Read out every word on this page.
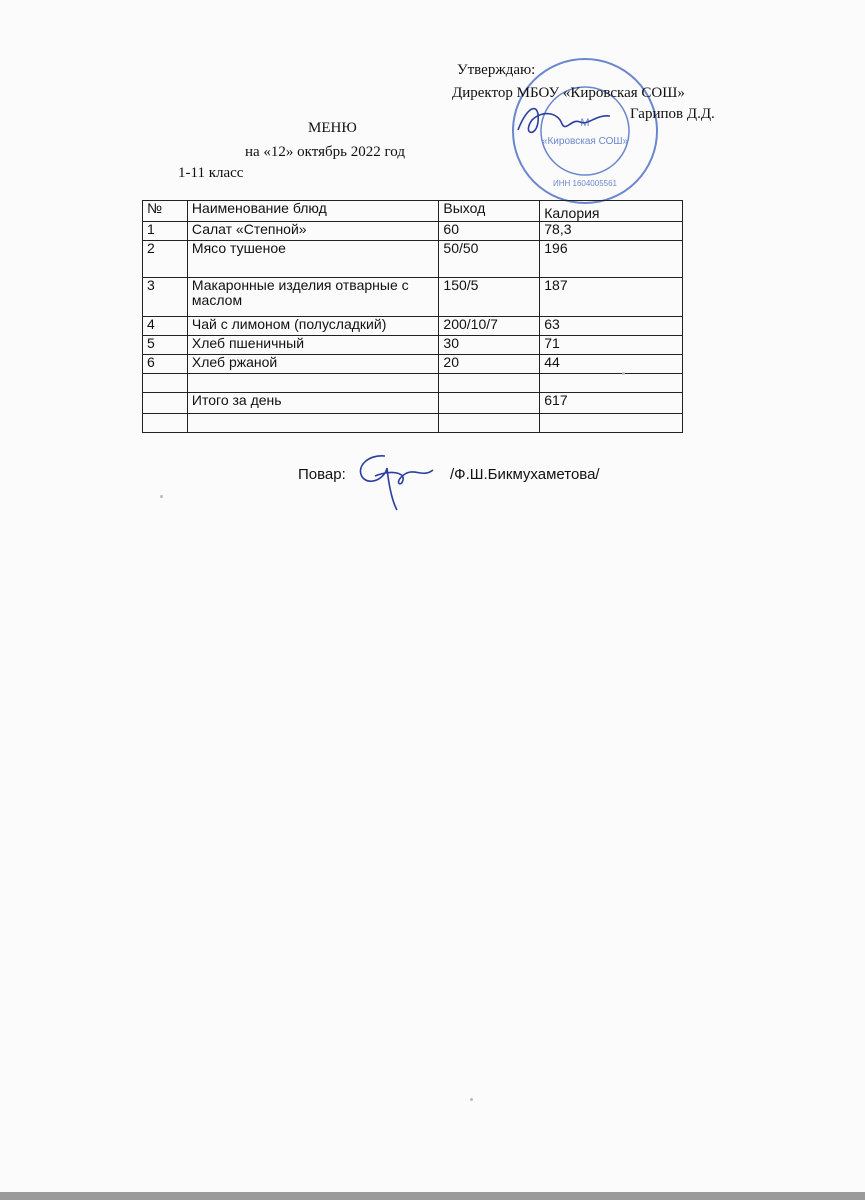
М
«Кировская СОШ»
ИНН 1604005561
Утверждаю:
Директор МБОУ «Кировская СОШ»
Гарипов Д.Д.
МЕНЮ
на «12» октябрь 2022 год
1-11 класс
№	Наименование блюд	Выход	Калория
1	Салат «Степной»	60	78,3
2	Мясо тушеное	50/50	196
3	Макаронные изделия отварные с маслом	150/5	187
4	Чай с лимоном (полусладкий)	200/10/7	63
5	Хлеб пшеничный	30	71
6	Хлеб ржаной	20	44

	Итого за день		617

Повар:	/Ф.Ш.Бикмухаметова/
